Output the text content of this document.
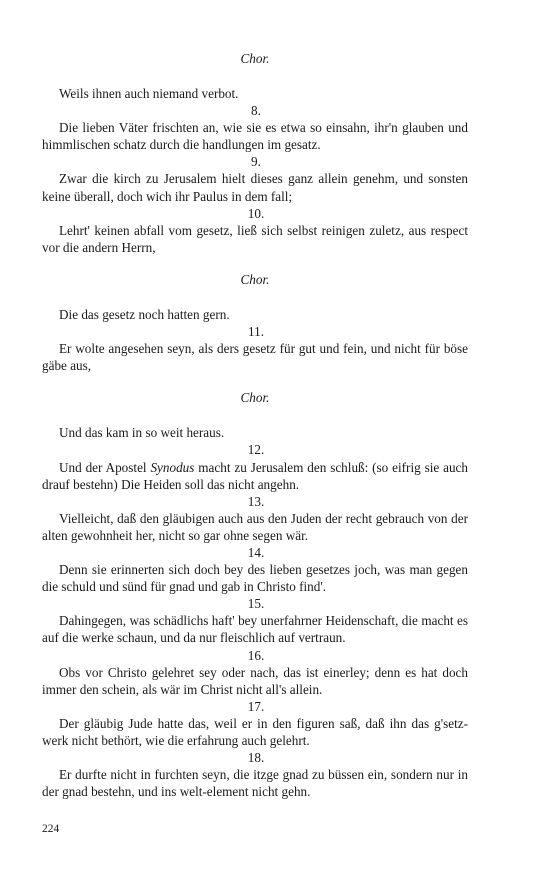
Chor.
Weils ihnen auch niemand verbot.
8.
Die lieben Väter frischten an, wie sie es etwa so einsahn, ihr'n glauben und himmlischen schatz durch die handlungen im gesatz.
9.
Zwar die kirch zu Jerusalem hielt dieses ganz allein genehm, und sonsten keine überall, doch wich ihr Paulus in dem fall;
10.
Lehrt' keinen abfall vom gesetz, ließ sich selbst reinigen zuletz, aus respect vor die andern Herrn,
Chor.
Die das gesetz noch hatten gern.
11.
Er wolte angesehen seyn, als ders gesetz für gut und fein, und nicht für böse gäbe aus,
Chor.
Und das kam in so weit heraus.
12.
Und der Apostel Synodus macht zu Jerusalem den schluß: (so eifrig sie auch drauf bestehn) Die Heiden soll das nicht angehn.
13.
Vielleicht, daß den gläubigen auch aus den Juden der recht gebrauch von der alten gewohnheit her, nicht so gar ohne segen wär.
14.
Denn sie erinnerten sich doch bey des lieben gesetzes joch, was man gegen die schuld und sünd für gnad und gab in Christo find'.
15.
Dahingegen, was schädlichs haft' bey unerfahrner Heidenschaft, die macht es auf die werke schaun, und da nur fleischlich auf vertraun.
16.
Obs vor Christo gelehret sey oder nach, das ist einerley; denn es hat doch immer den schein, als wär im Christ nicht all's allein.
17.
Der gläubig Jude hatte das, weil er in den figuren saß, daß ihn das g'setz-werk nicht bethört, wie die erfahrung auch gelehrt.
18.
Er durfte nicht in furchten seyn, die itzge gnad zu büssen ein, sondern nur in der gnad bestehn, und ins welt-element nicht gehn.
224
